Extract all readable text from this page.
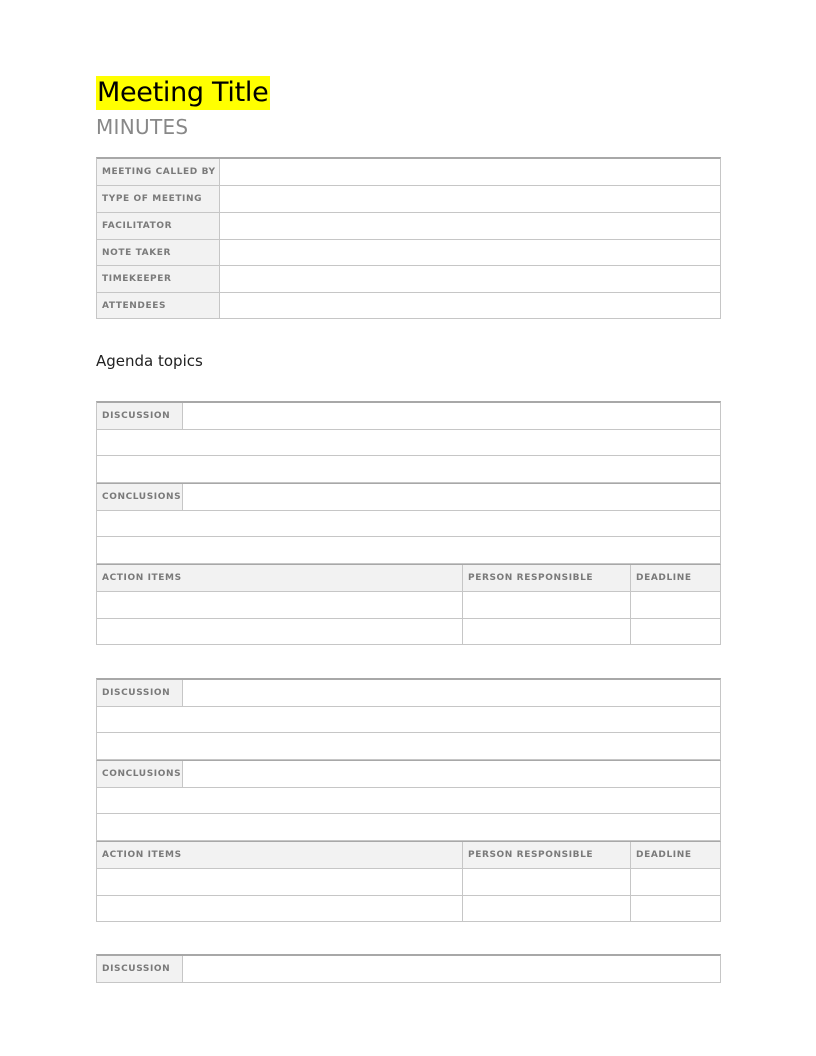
Meeting Title
MINUTES
MEETING CALLED BY
TYPE OF MEETING
FACILITATOR
NOTE TAKER
TIMEKEEPER
ATTENDEES
Agenda topics
DISCUSSION
CONCLUSIONS
ACTION ITEMS	PERSON RESPONSIBLE	DEADLINE
DISCUSSION
CONCLUSIONS
ACTION ITEMS	PERSON RESPONSIBLE	DEADLINE
DISCUSSION
